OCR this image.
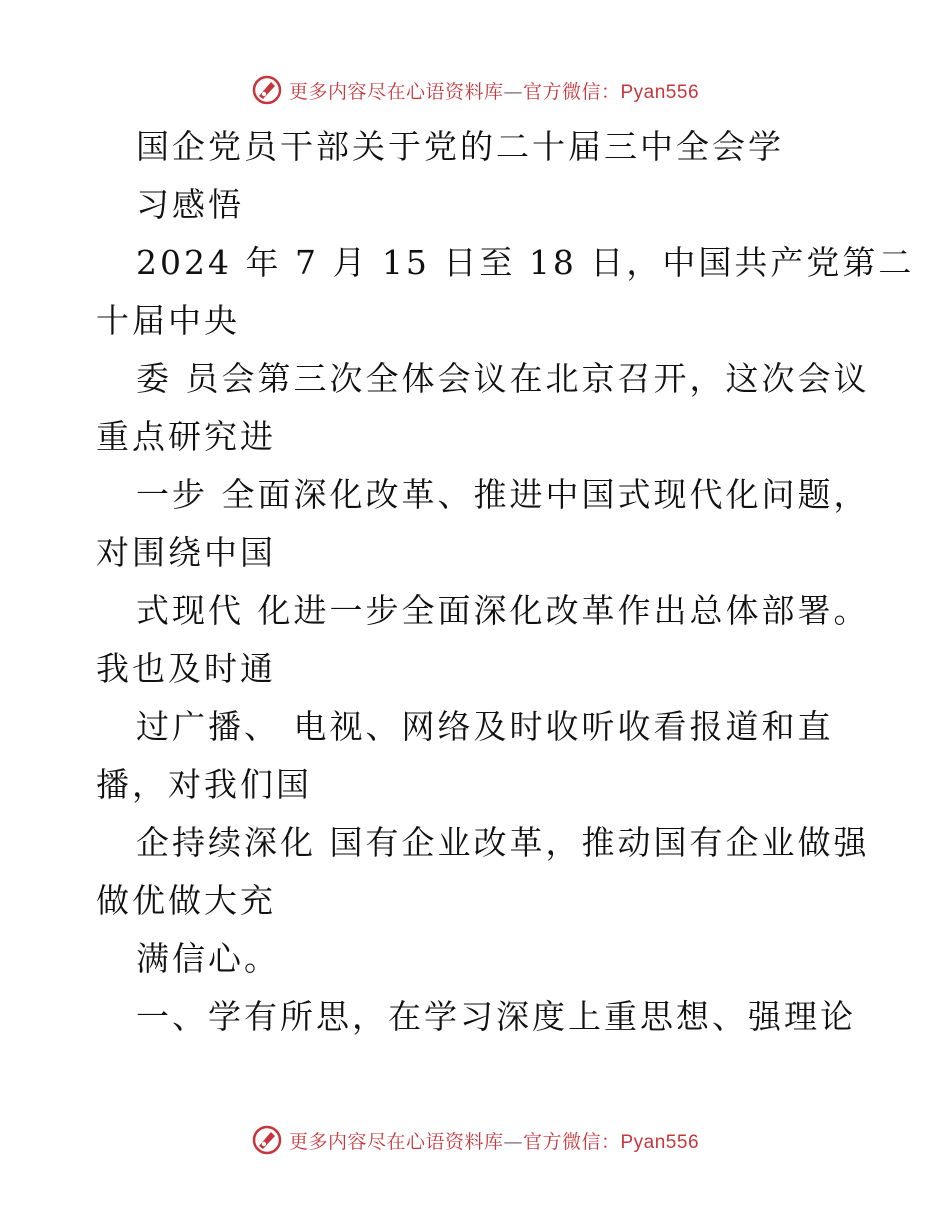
更多内容尽在心语资料库—官方微信：Pyan556
国企党员干部关于党的二十届三中全会学
习感悟
2024 年 7 月 15 日至 18 日，中国共产党第二
十届中央
委 员会第三次全体会议在北京召开，这次会议
重点研究进
一步 全面深化改革、推进中国式现代化问题，
对围绕中国
式现代 化进一步全面深化改革作出总体部署。
我也及时通
过广播、 电视、网络及时收听收看报道和直
播，对我们国
企持续深化 国有企业改革，推动国有企业做强
做优做大充
满信心。
一、学有所思，在学习深度上重思想、强理论
更多内容尽在心语资料库—官方微信：Pyan556
